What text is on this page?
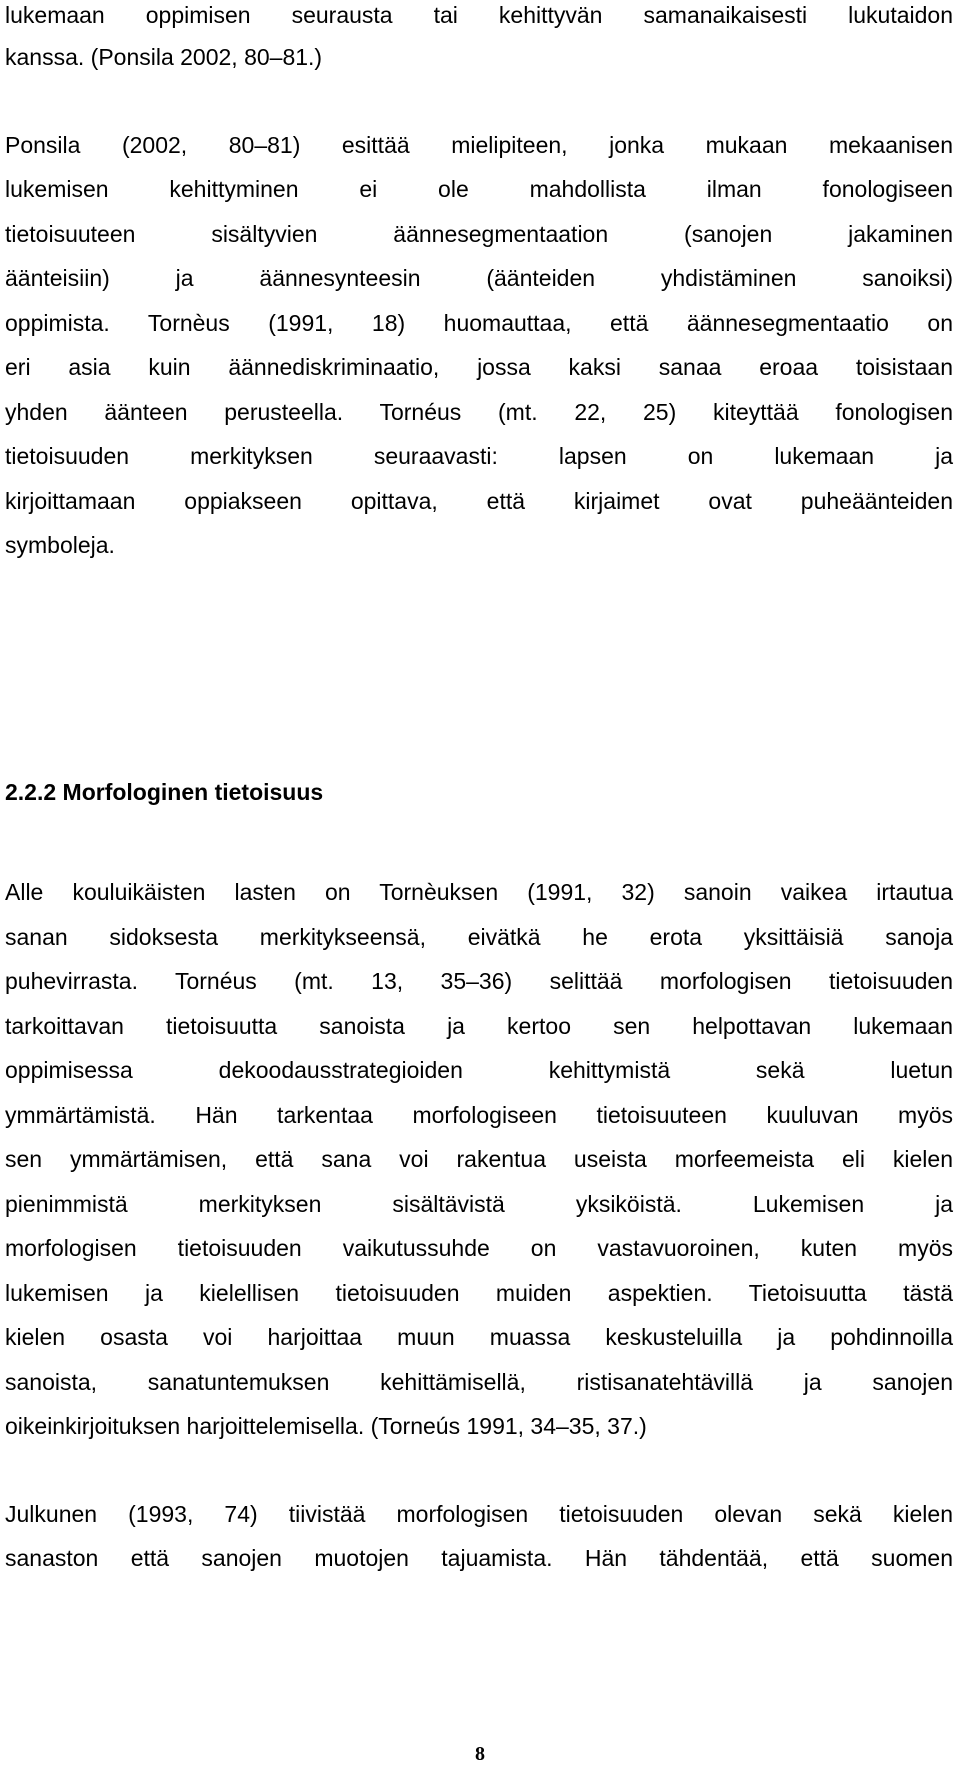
lukemaan oppimisen seurausta tai kehittyvän samanaikaisesti lukutaidon
kanssa. (Ponsila 2002, 80–81.)
Ponsila (2002, 80–81) esittää mielipiteen, jonka mukaan mekaanisen
lukemisen kehittyminen ei ole mahdollista ilman fonologiseen
tietoisuuteen sisältyvien äännesegmentaation (sanojen jakaminen
äänteisiin) ja äännesynteesin (äänteiden yhdistäminen sanoiksi)
oppimista. Tornèus (1991, 18) huomauttaa, että äännesegmentaatio on
eri asia kuin äännediskriminaatio, jossa kaksi sanaa eroaa toisistaan
yhden äänteen perusteella. Tornéus (mt. 22, 25) kiteyttää fonologisen
tietoisuuden merkityksen seuraavasti: lapsen on lukemaan ja
kirjoittamaan oppiakseen opittava, että kirjaimet ovat puheäänteiden
symboleja.
2.2.2 Morfologinen tietoisuus
Alle kouluikäisten lasten on Tornèuksen (1991, 32) sanoin vaikea irtautua
sanan sidoksesta merkitykseensä, eivätkä he erota yksittäisiä sanoja
puhevirrasta. Tornéus (mt. 13, 35–36) selittää morfologisen tietoisuuden
tarkoittavan tietoisuutta sanoista ja kertoo sen helpottavan lukemaan
oppimisessa dekoodausstrategioiden kehittymistä sekä luetun
ymmärtämistä. Hän tarkentaa morfologiseen tietoisuuteen kuuluvan myös
sen ymmärtämisen, että sana voi rakentua useista morfeemeista eli kielen
pienimmistä merkityksen sisältävistä yksiköistä. Lukemisen ja
morfologisen tietoisuuden vaikutussuhde on vastavuoroinen, kuten myös
lukemisen ja kielellisen tietoisuuden muiden aspektien. Tietoisuutta tästä
kielen osasta voi harjoittaa muun muassa keskusteluilla ja pohdinnoilla
sanoista, sanatuntemuksen kehittämisellä, ristisanatehtävillä ja sanojen
oikeinkirjoituksen harjoittelemisella. (Torneús 1991, 34–35, 37.)
Julkunen (1993, 74) tiivistää morfologisen tietoisuuden olevan sekä kielen
sanaston että sanojen muotojen tajuamista. Hän tähdentää, että suomen
8
